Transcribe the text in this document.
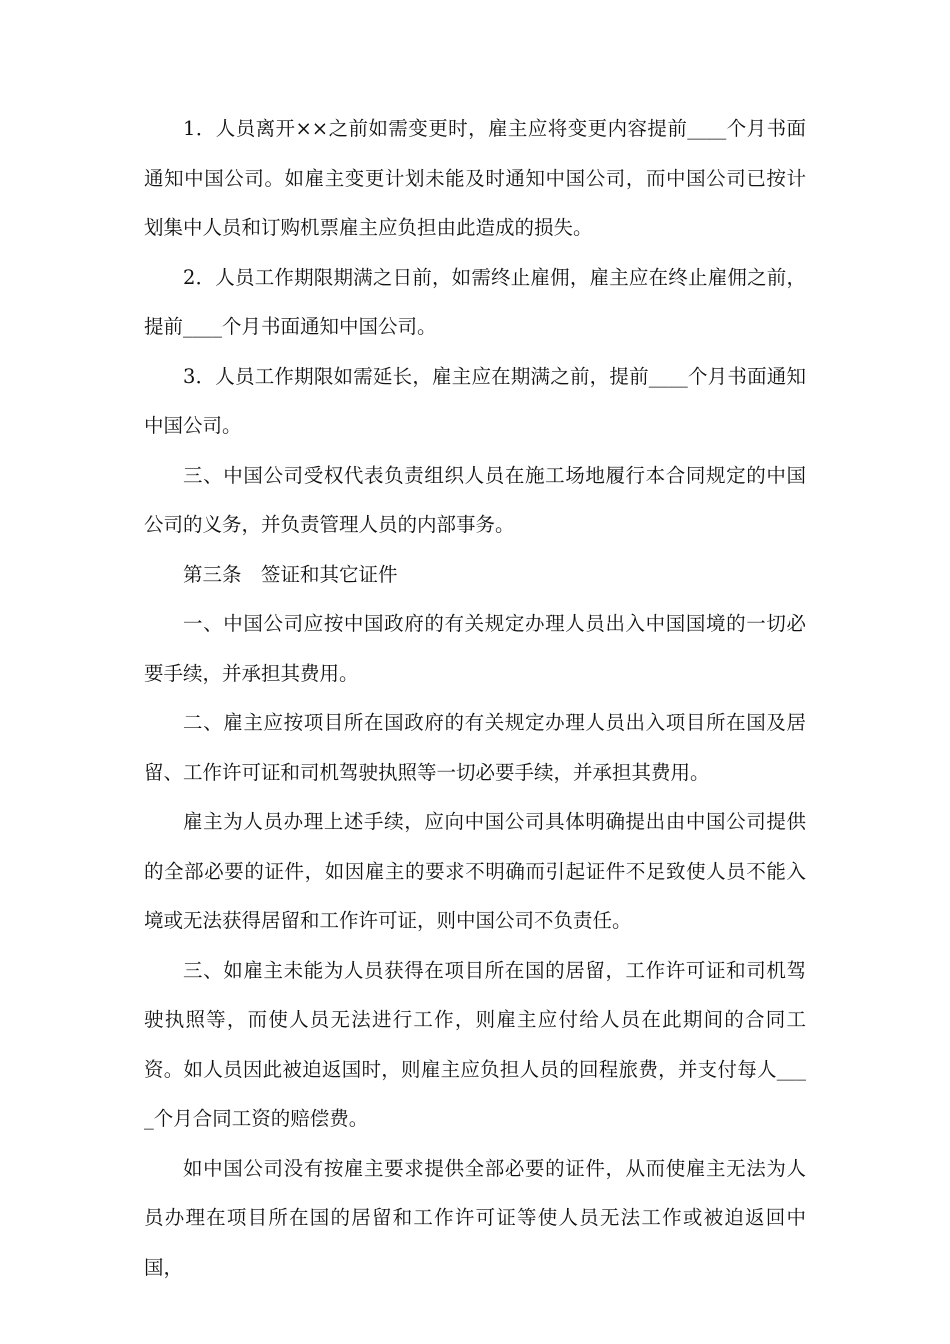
1．人员离开××之前如需变更时，雇主应将变更内容提前____个月书面通知中国公司。如雇主变更计划未能及时通知中国公司，而中国公司已按计划集中人员和订购机票雇主应负担由此造成的损失。

2．人员工作期限期满之日前，如需终止雇佣，雇主应在终止雇佣之前，提前____个月书面通知中国公司。

3．人员工作期限如需延长，雇主应在期满之前，提前____个月书面通知中国公司。

三、中国公司受权代表负责组织人员在施工场地履行本合同规定的中国公司的义务，并负责管理人员的内部事务。

第三条　签证和其它证件

一、中国公司应按中国政府的有关规定办理人员出入中国国境的一切必要手续，并承担其费用。

二、雇主应按项目所在国政府的有关规定办理人员出入项目所在国及居留、工作许可证和司机驾驶执照等一切必要手续，并承担其费用。

雇主为人员办理上述手续，应向中国公司具体明确提出由中国公司提供的全部必要的证件，如因雇主的要求不明确而引起证件不足致使人员不能入境或无法获得居留和工作许可证，则中国公司不负责任。

三、如雇主未能为人员获得在项目所在国的居留，工作许可证和司机驾驶执照等，而使人员无法进行工作，则雇主应付给人员在此期间的合同工资。如人员因此被迫返国时，则雇主应负担人员的回程旅费，并支付每人____个月合同工资的赔偿费。

如中国公司没有按雇主要求提供全部必要的证件，从而使雇主无法为人员办理在项目所在国的居留和工作许可证等使人员无法工作或被迫返回中国，
